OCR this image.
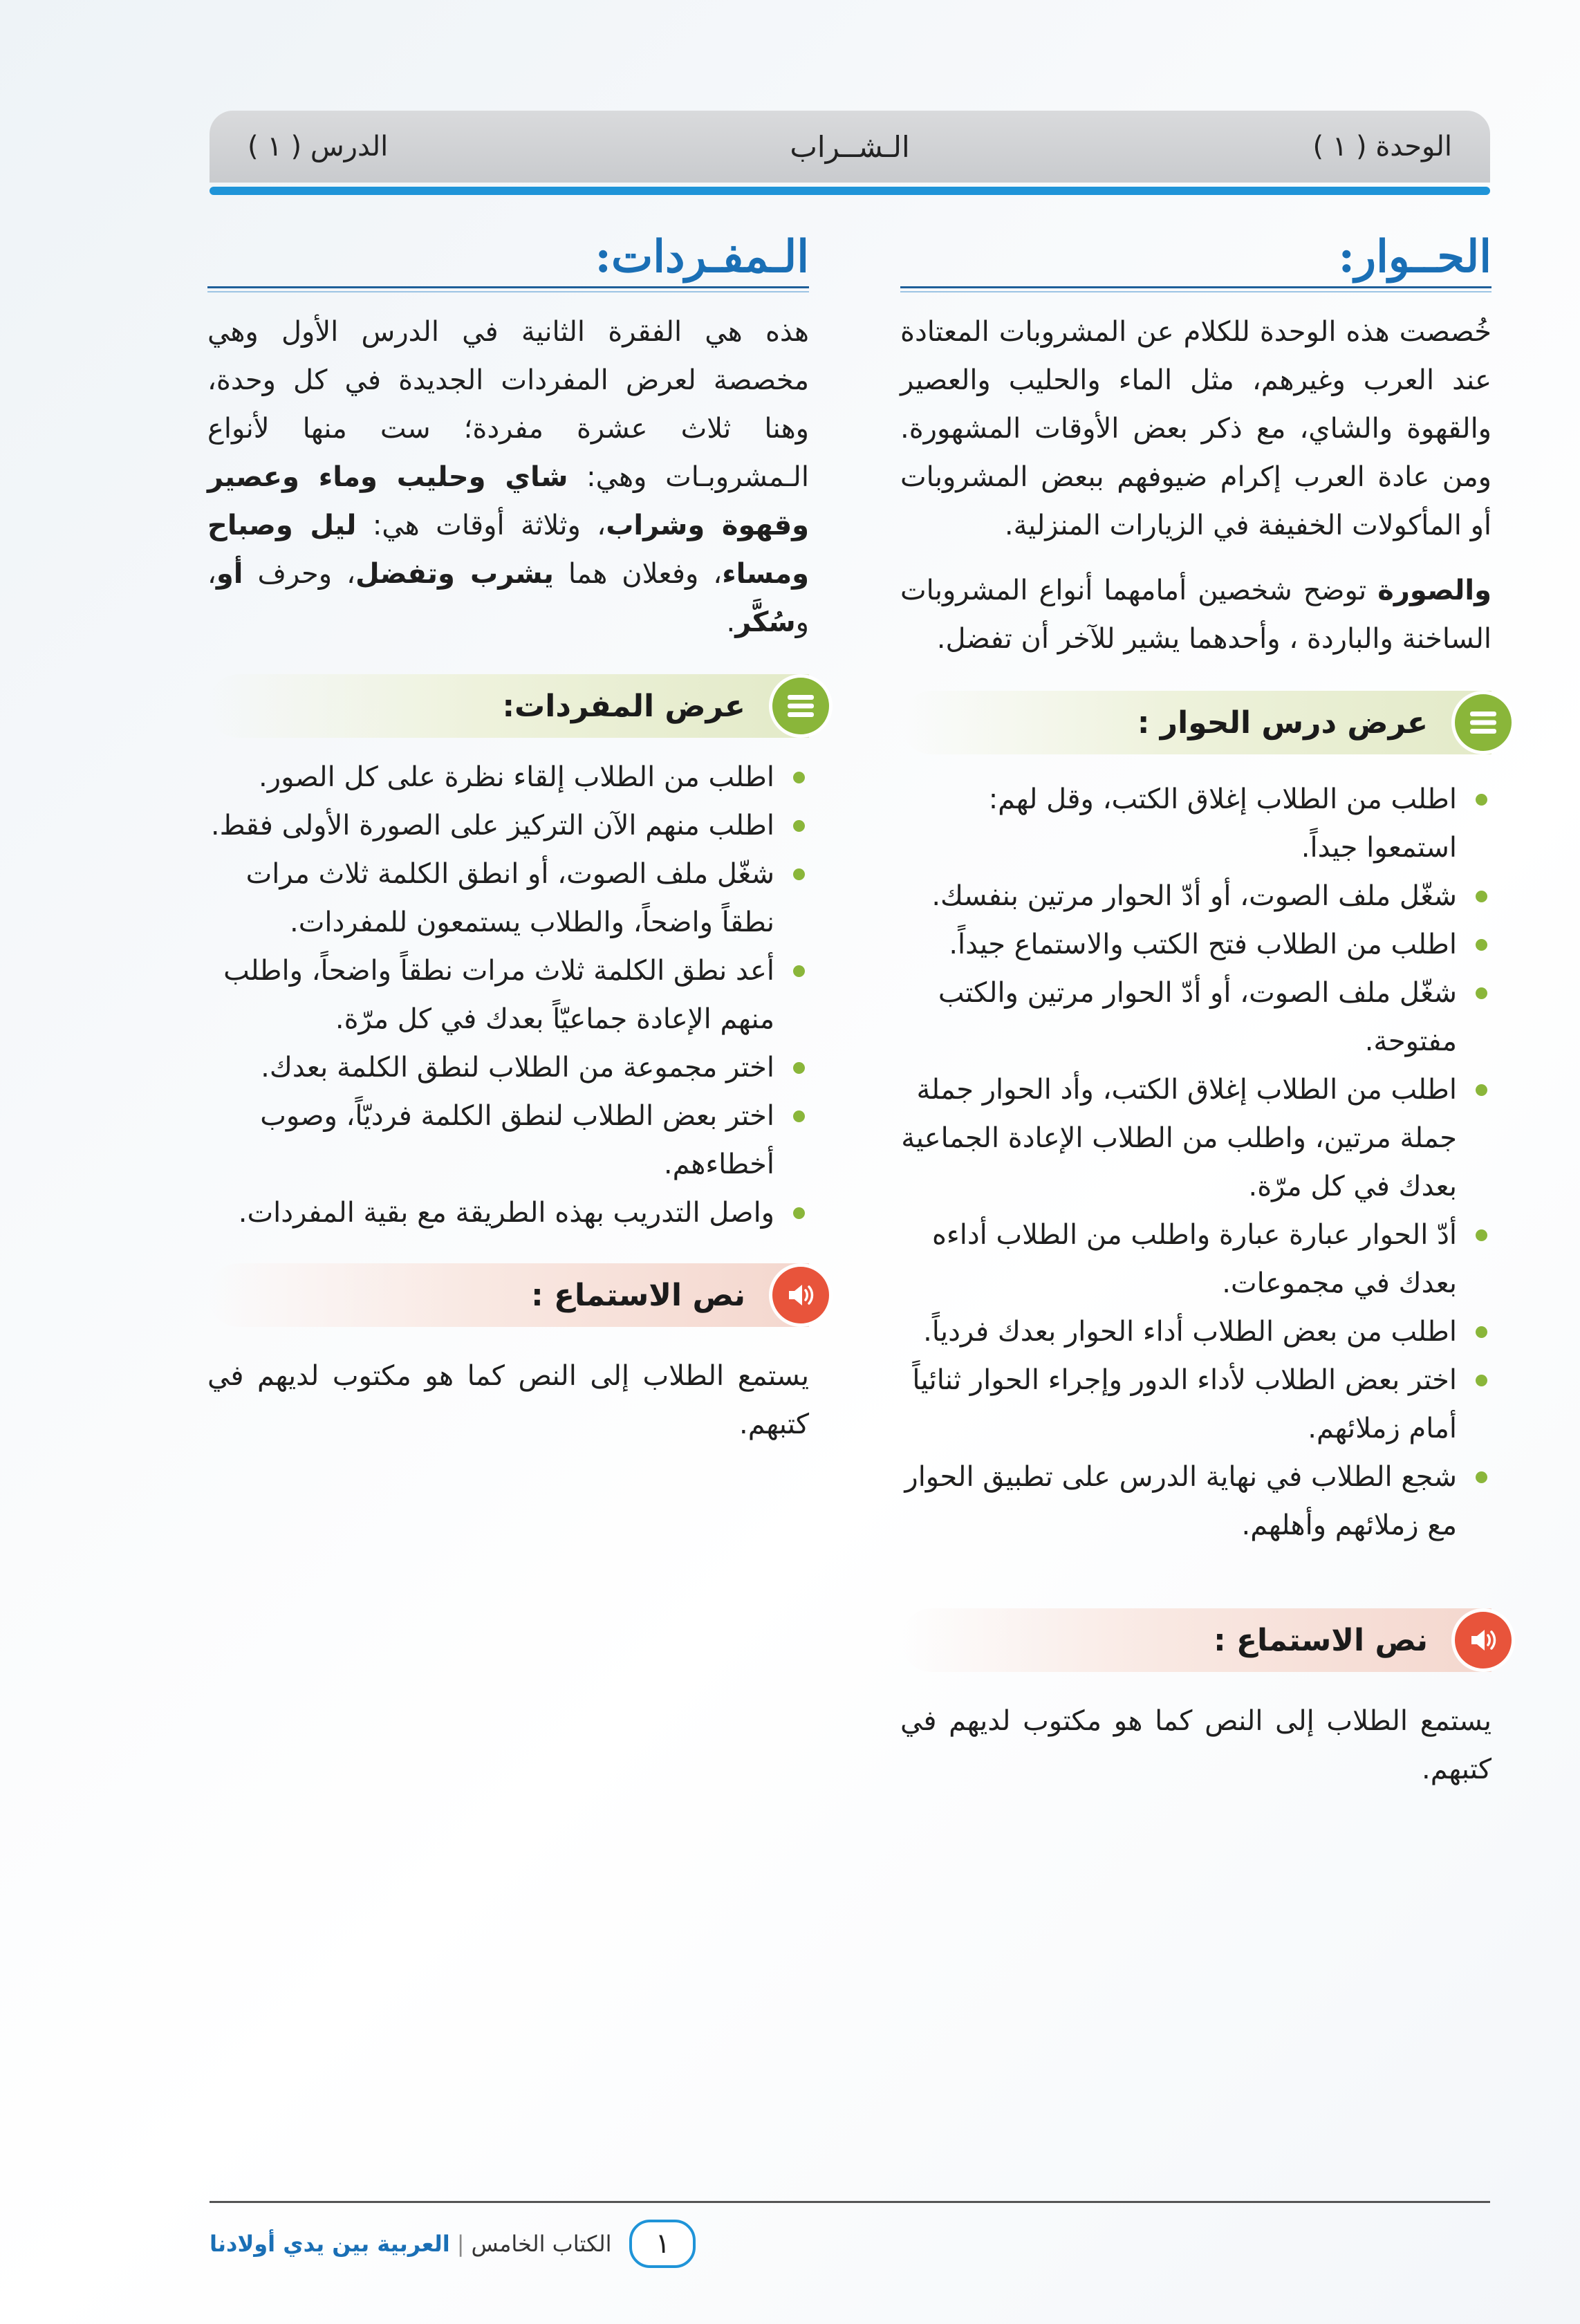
الوحدة ( ١ )
الـشــراب
الدرس ( ١ )
الحــوار:

خُصصت هذه الوحدة للكلام عن المشروبات المعتادة عند العرب وغيرهم، مثل الماء والحليب والعصير والقهوة والشاي، مع ذكر بعض الأوقات المشهورة. ومن عادة العرب إكرام ضيوفهم ببعض المشروبات أو المأكولات الخفيفة في الزيارات المنزلية.

والصورة توضح شخصين أمامهما أنواع المشروبات الساخنة والباردة ، وأحدهما يشير للآخر أن تفضل.

عرض درس الحوار :
اطلب من الطلاب إغلاق الكتب، وقل لهم: استمعوا جيداً.
شغّل ملف الصوت، أو أدّ الحوار مرتين بنفسك.
اطلب من الطلاب فتح الكتب والاستماع جيداً.
شغّل ملف الصوت، أو أدّ الحوار مرتين والكتب مفتوحة.
اطلب من الطلاب إغلاق الكتب، وأد الحوار جملة جملة مرتين، واطلب من الطلاب الإعادة الجماعية بعدك في كل مرّة.
أدّ الحوار عبارة عبارة واطلب من الطلاب أداءه بعدك في مجموعات.
اطلب من بعض الطلاب أداء الحوار بعدك فردياً.
اختر بعض الطلاب لأداء الدور وإجراء الحوار ثنائياً أمام زملائهم.
شجع الطلاب في نهاية الدرس على تطبيق الحوار مع زملائهم وأهلهم.
نص الاستماع :

يستمع الطلاب إلى النص كما هو مكتوب لديهم في كتبهم.

الـمفـردات:

هذه هي الفقرة الثانية في الدرس الأول وهي مخصصة لعرض المفردات الجديدة في كل وحدة، وهنا ثلاث عشرة مفردة؛ ست منها لأنواع الـمشروبـات وهي: شاي وحليب وماء وعصير وقهوة وشراب، وثلاثة أوقات هي: ليل وصباح ومساء، وفعلان هما يشرب وتفضل، وحرف أو، وسُكَّر.

عرض المفردات:
اطلب من الطلاب إلقاء نظرة على كل الصور.
اطلب منهم الآن التركيز على الصورة الأولى فقط.
شغّل ملف الصوت، أو انطق الكلمة ثلاث مرات نطقاً واضحاً، والطلاب يستمعون للمفردات.
أعد نطق الكلمة ثلاث مرات نطقاً واضحاً، واطلب منهم الإعادة جماعيّاً بعدك في كل مرّة.
اختر مجموعة من الطلاب لنطق الكلمة بعدك.
اختر بعض الطلاب لنطق الكلمة فرديّاً، وصوب أخطاءهم.
واصل التدريب بهذه الطريقة مع بقية المفردات.
نص الاستماع :

يستمع الطلاب إلى النص كما هو مكتوب لديهم في كتبهم.

١
الكتاب الخامس|العربية بين يدي أولادنا
